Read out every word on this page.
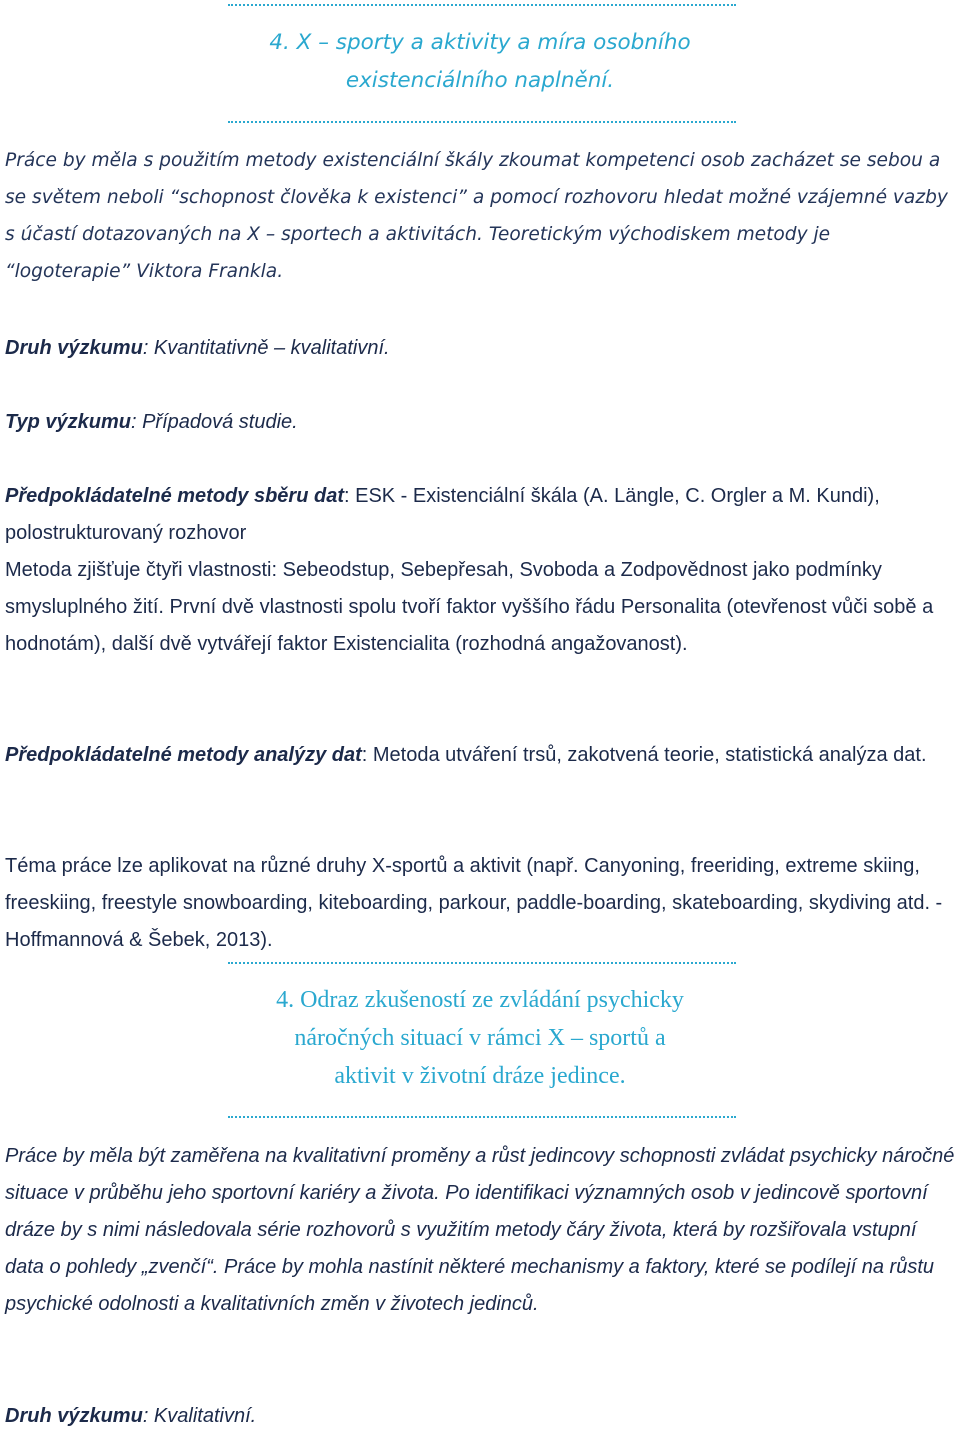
4. X – sporty a aktivity a míra osobního
existenciálního naplnění.

Práce by měla s použitím metody existenciální škály zkoumat kompetenci osob zacházet se sebou a se světem neboli “schopnost člověka k existenci” a pomocí rozhovoru hledat možné vzájemné vazby s účastí dotazovaných na X – sportech a aktivitách. Teoretickým východiskem metody je “logoterapie” Viktora Frankla.

Druh výzkumu: Kvantitativně – kvalitativní.
Typ výzkumu: Případová studie.

Předpokládatelné metody sběru dat: ESK - Existenciální škála (A. Längle, C. Orgler a M. Kundi), polostrukturovaný rozhovor

Metoda zjišťuje čtyři vlastnosti: Sebeodstup, Sebepřesah, Svoboda a Zodpovědnost jako podmínky smysluplného žití. První dvě vlastnosti spolu tvoří faktor vyššího řádu Personalita (otevřenost vůči sobě a hodnotám), další dvě vytvářejí faktor Existencialita (rozhodná angažovanost).

Předpokládatelné metody analýzy dat: Metoda utváření trsů, zakotvená teorie, statistická analýza dat.

Téma práce lze aplikovat na různé druhy X-sportů a aktivit (např. Canyoning, freeriding, extreme skiing, freeskiing, freestyle snowboarding, kiteboarding, parkour, paddle-boarding, skateboarding, skydiving atd. - Hoffmannová & Šebek, 2013).

4. Odraz zkušeností ze zvládání psychicky
náročných situací v rámci X – sportů a
aktivit v životní dráze jedince.

Práce by měla být zaměřena na kvalitativní proměny a růst jedincovy schopnosti zvládat psychicky náročné situace v průběhu jeho sportovní kariéry a života. Po identifikaci významných osob v jedincově sportovní dráze by s nimi následovala série rozhovorů s využitím metody čáry života, která by rozšiřovala vstupní data o pohledy „zvenčí“. Práce by mohla nastínit některé mechanismy a faktory, které se podílejí na růstu psychické odolnosti a kvalitativních změn v životech jedinců.

Druh výzkumu: Kvalitativní.
